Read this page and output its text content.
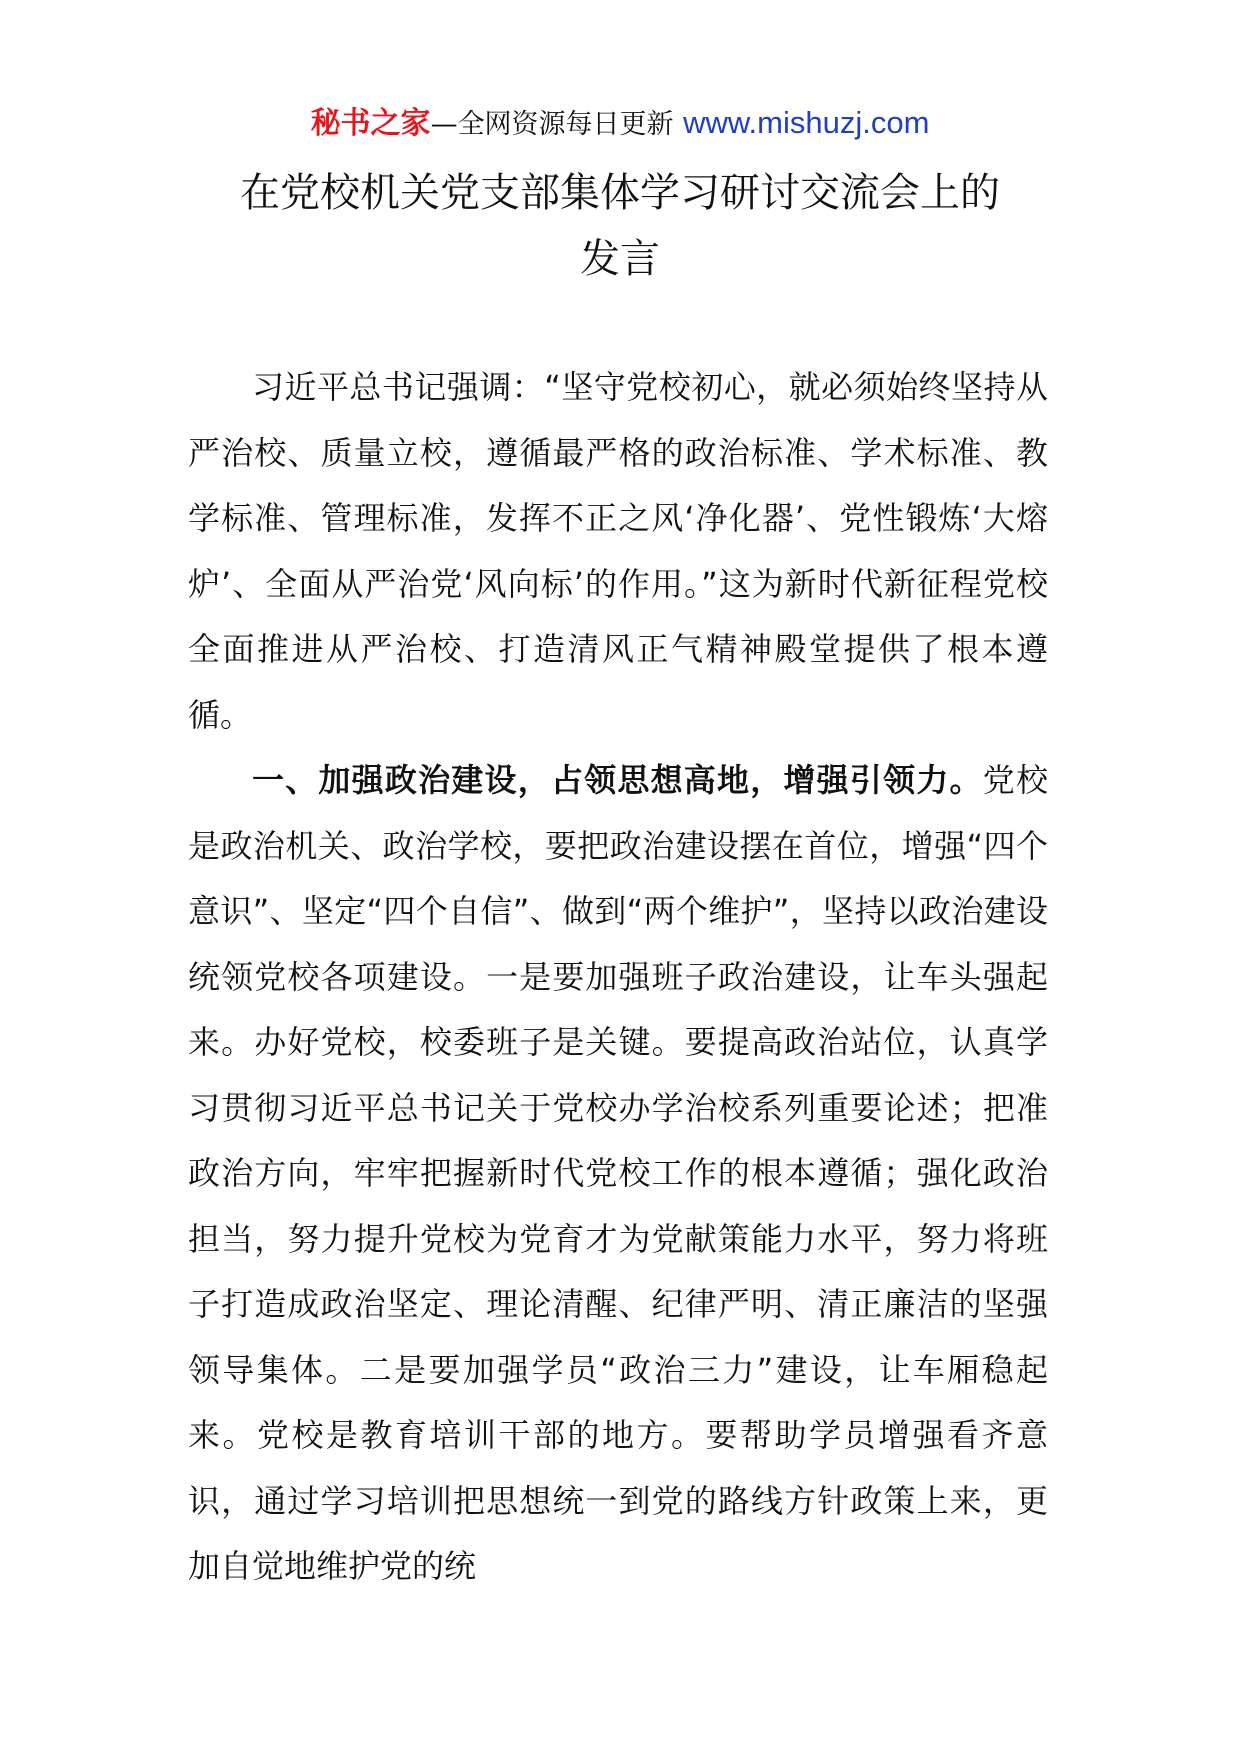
秘书之家—全网资源每日更新 www.mishuzj.com
在党校机关党支部集体学习研讨交流会上的
发言

习近平总书记强调：“坚守党校初心，就必须始终坚持从严治校、质量立校，遵循最严格的政治标准、学术标准、教学标准、管理标准，发挥不正之风‘净化器’、党性锻炼‘大熔炉’、全面从严治党‘风向标’的作用。”这为新时代新征程党校全面推进从严治校、打造清风正气精神殿堂提供了根本遵循。

一、加强政治建设，占领思想高地，增强引领力。党校是政治机关、政治学校，要把政治建设摆在首位，增强“四个意识”、坚定“四个自信”、做到“两个维护”，坚持以政治建设统领党校各项建设。一是要加强班子政治建设，让车头强起来。办好党校，校委班子是关键。要提高政治站位，认真学习贯彻习近平总书记关于党校办学治校系列重要论述；把准政治方向，牢牢把握新时代党校工作的根本遵循；强化政治担当，努力提升党校为党育才为党献策能力水平，努力将班子打造成政治坚定、理论清醒、纪律严明、清正廉洁的坚强领导集体。二是要加强学员“政治三力”建设，让车厢稳起来。党校是教育培训干部的地方。要帮助学员增强看齐意识，通过学习培训把思想统一到党的路线方针政策上来，更加自觉地维护党的统
